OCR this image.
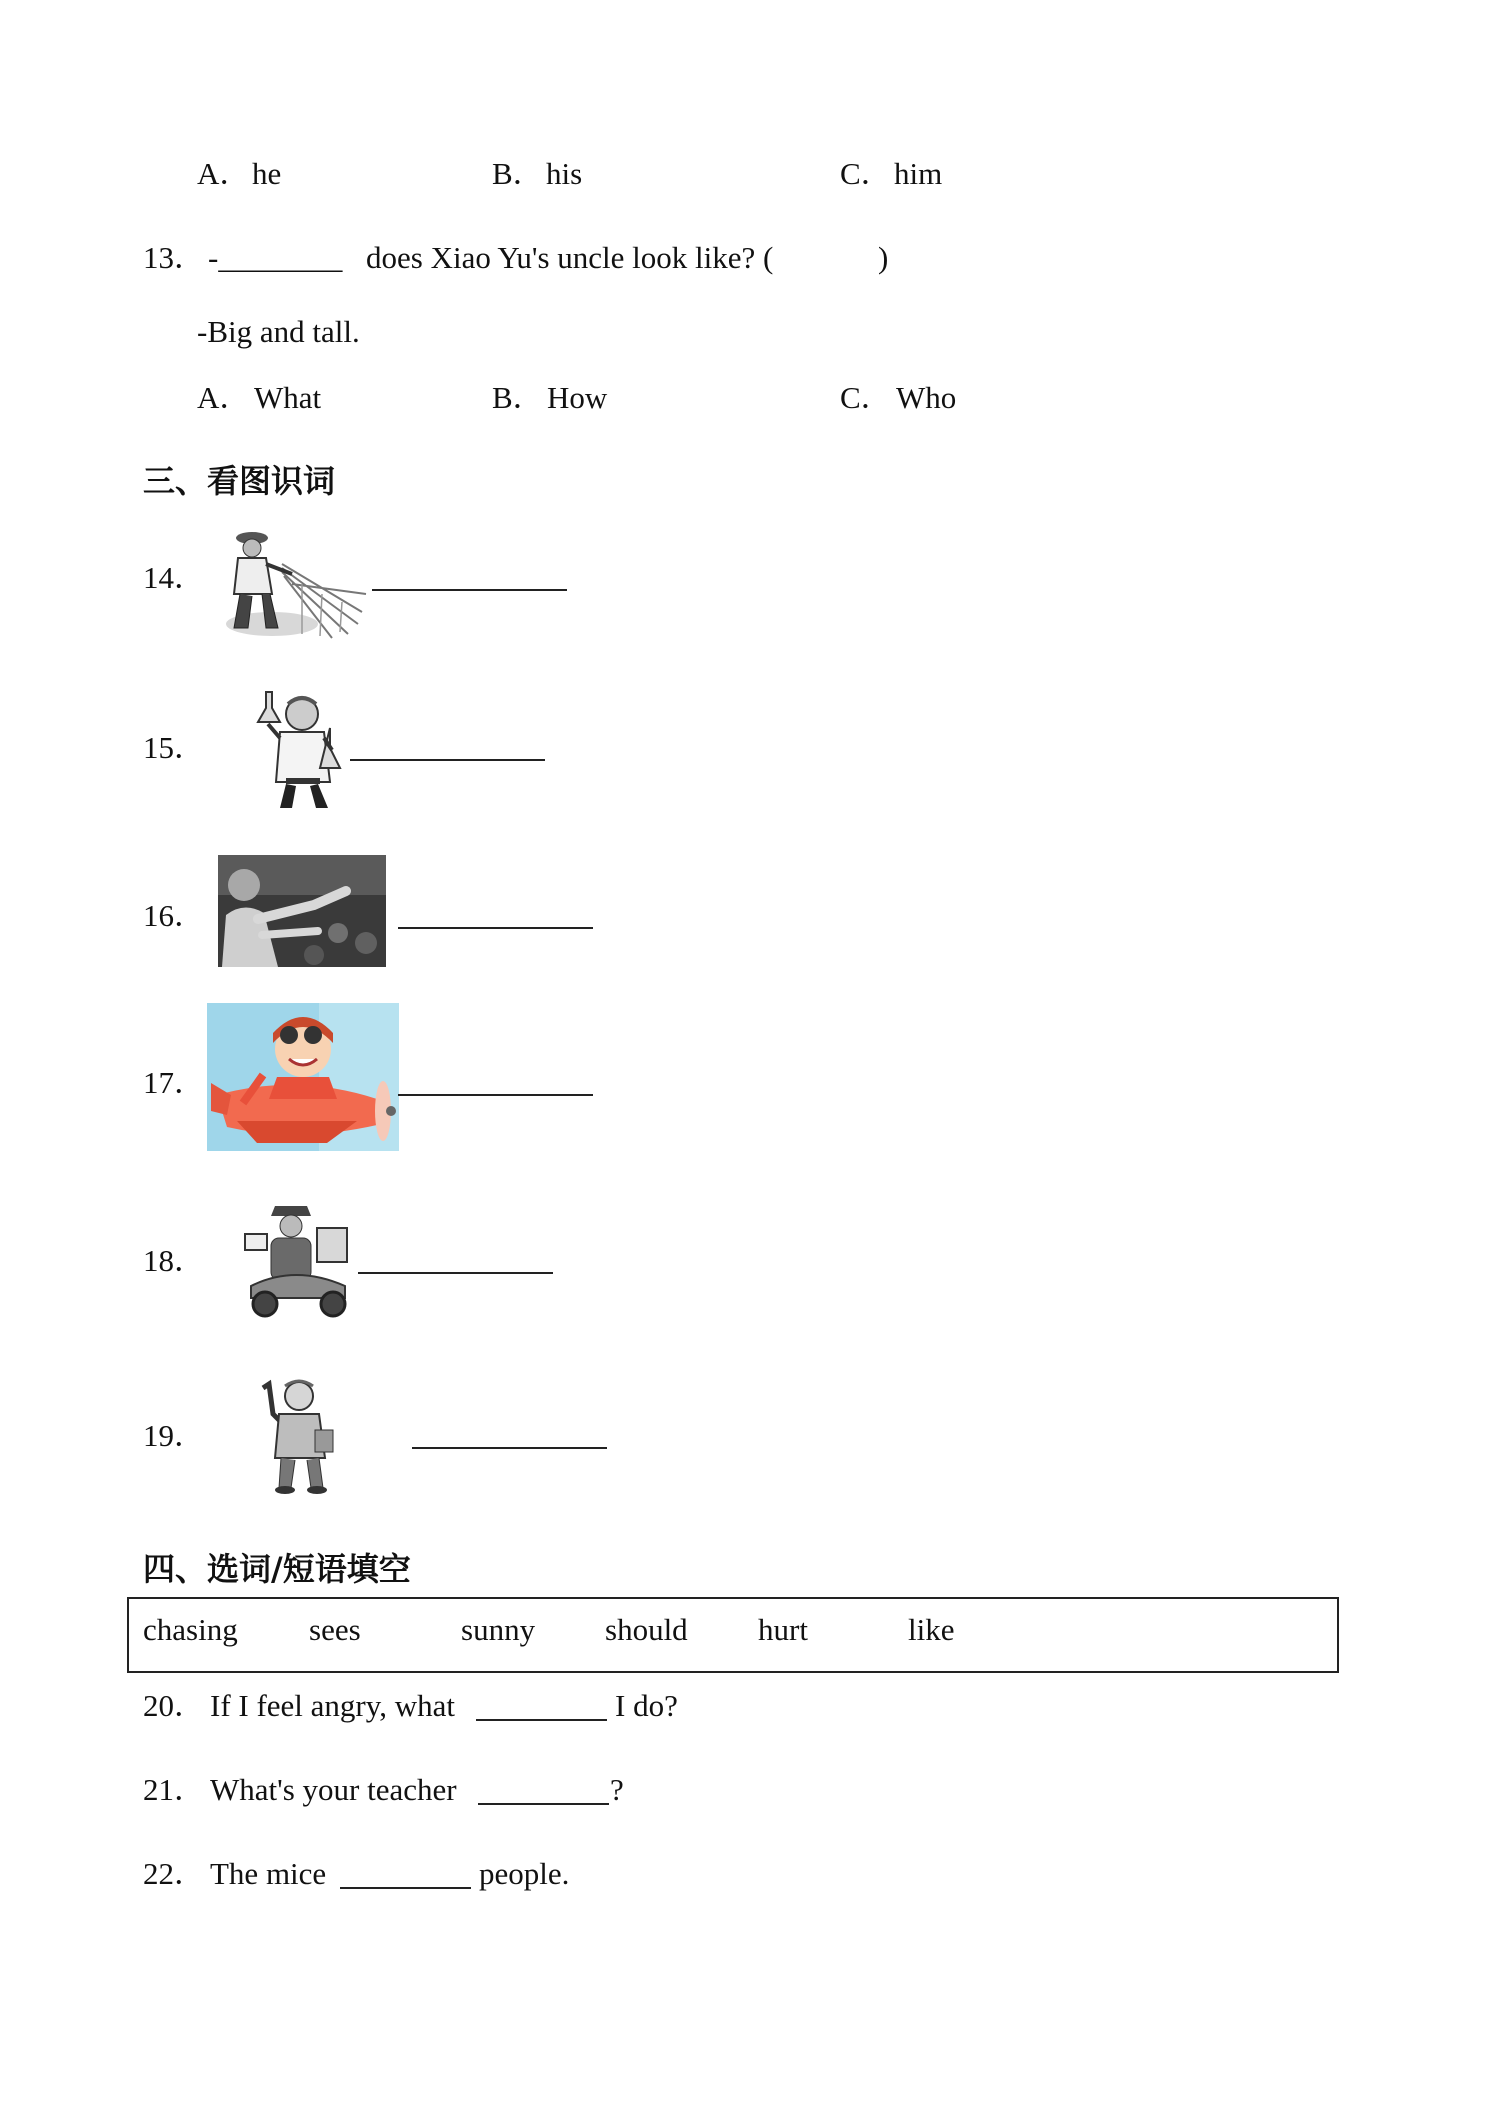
A． he	B． his	C． him
13． -________ does Xiao Yu's uncle look like? (	)
-Big and tall.
A． What	B． How	C． Who
三、看图识词
14．
15．
16．
17．
18．
19．
四、选词/短语填空
chasing sees	sunny should hurt	like
20． If I feel angry, what	I do?
21． What's your teacher	?
22． The mice	people.
